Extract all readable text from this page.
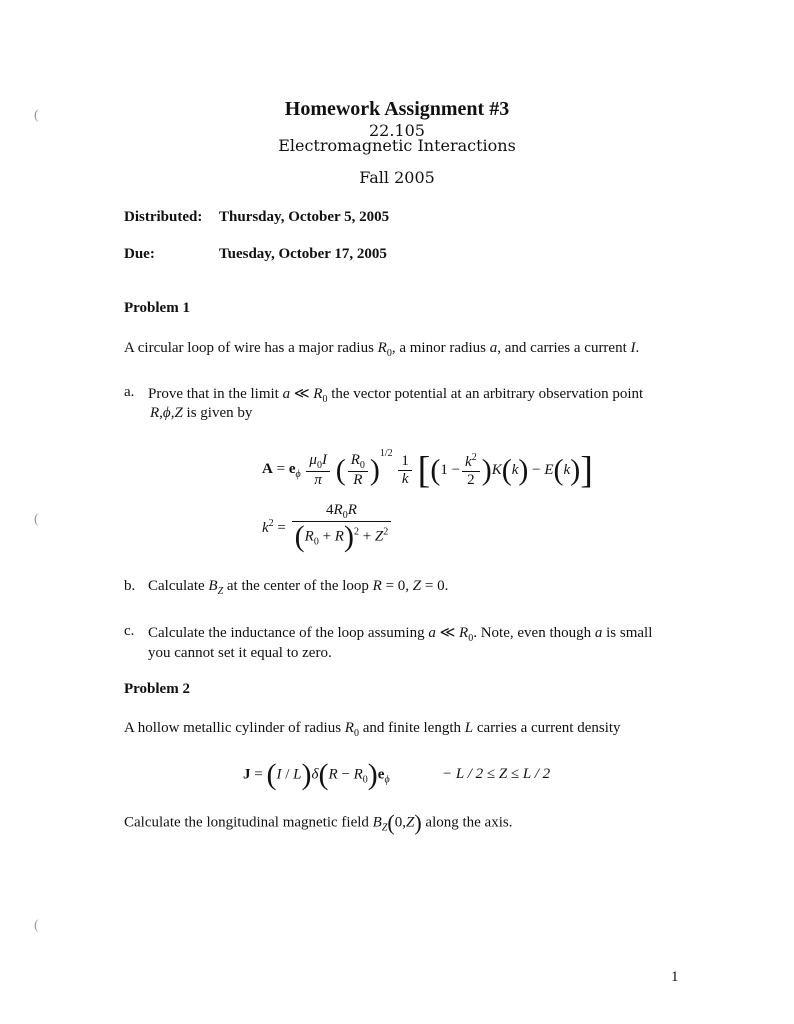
(
(
(
Homework Assignment #3
22.105
Electromagnetic Interactions
Fall 2005
Distributed: Thursday, October 5, 2005
Due:	Tuesday, October 17, 2005
Problem 1
A circular loop of wire has a major radius $R_0$, a minor radius a, and carries a current I.
a. Prove that in the limit a ≪ $R_0$ the vector potential at an arbitrary observation point
R,ϕ,Z is given by
$A = e_\phi \frac{\mu_0I}{\pi}$ ( $\frac{R_0}{R} )^{1/2} \frac{1}{k} [(1 - \frac{k^2}{2} )K(k) - E(k)]$
$k^2 = \frac{4R_0R}{(R_0 + R)^2 + Z^2}$
b. Calculate $B_Z$ at the center of the loop R = 0, Z = 0.
c. Calculate the inductance of the loop assuming a ≪ $R_0$. Note, even though a is small
you cannot set it equal to zero.
Problem 2
A hollow metallic cylinder of radius $R_0$ and finite length L carries a current density
$J = (I / L)\delta(R - R_0)e_\phi$	− L / 2 ≤ Z ≤ L / 2
Calculate the longitudinal magnetic field $B_Z(0,Z)$ along the axis.
1
